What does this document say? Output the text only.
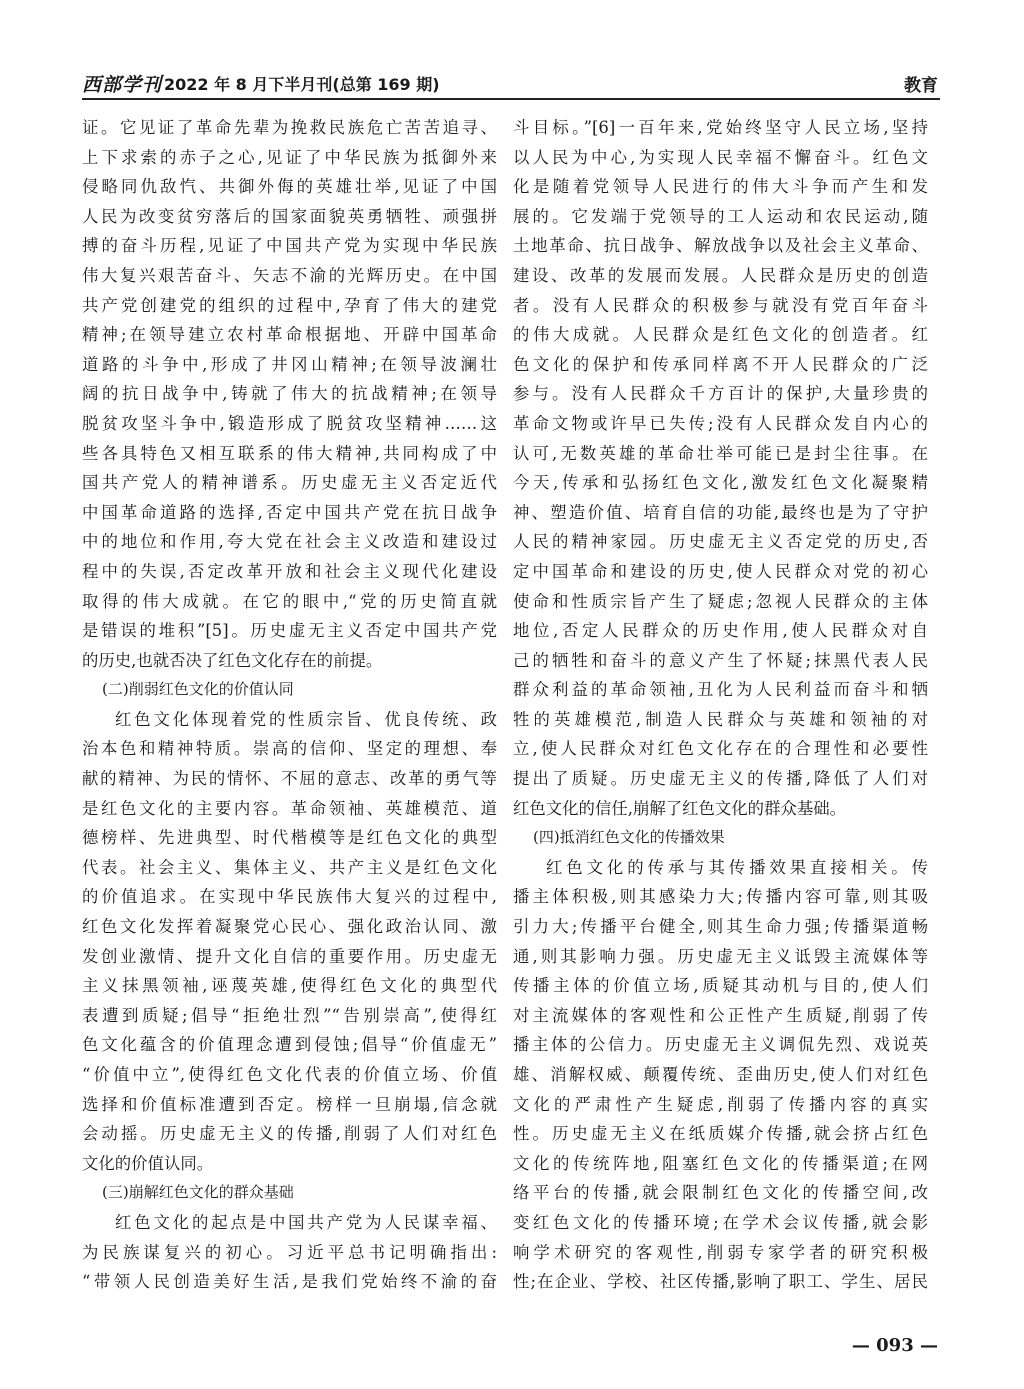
西部学刊 2022 年 8 月下半月刊(总第 169 期)	教育
证。它见证了革命先辈为挽救民族危亡苦苦追寻、
上下求索的赤子之心,见证了中华民族为抵御外来
侵略同仇敌忾、共御外侮的英雄壮举,见证了中国
人民为改变贫穷落后的国家面貌英勇牺牲、顽强拼
搏的奋斗历程,见证了中国共产党为实现中华民族
伟大复兴艰苦奋斗、矢志不渝的光辉历史。在中国
共产党创建党的组织的过程中,孕育了伟大的建党
精神;在领导建立农村革命根据地、开辟中国革命
道路的斗争中,形成了井冈山精神;在领导波澜壮
阔的抗日战争中,铸就了伟大的抗战精神;在领导
脱贫攻坚斗争中,锻造形成了脱贫攻坚精神……这
些各具特色又相互联系的伟大精神,共同构成了中
国共产党人的精神谱系。历史虚无主义否定近代
中国革命道路的选择,否定中国共产党在抗日战争
中的地位和作用,夸大党在社会主义改造和建设过
程中的失误,否定改革开放和社会主义现代化建设
取得的伟大成就。在它的眼中,“党的历史简直就
是错误的堆积”[5]。历史虚无主义否定中国共产党
的历史,也就否决了红色文化存在的前提。
(二)削弱红色文化的价值认同
红色文化体现着党的性质宗旨、优良传统、政
治本色和精神特质。崇高的信仰、坚定的理想、奉
献的精神、为民的情怀、不屈的意志、改革的勇气等
是红色文化的主要内容。革命领袖、英雄模范、道
德榜样、先进典型、时代楷模等是红色文化的典型
代表。社会主义、集体主义、共产主义是红色文化
的价值追求。在实现中华民族伟大复兴的过程中,
红色文化发挥着凝聚党心民心、强化政治认同、激
发创业激情、提升文化自信的重要作用。历史虚无
主义抹黑领袖,诬蔑英雄,使得红色文化的典型代
表遭到质疑;倡导“拒绝壮烈”“告别崇高”,使得红
色文化蕴含的价值理念遭到侵蚀;倡导“价值虚无”
“价值中立”,使得红色文化代表的价值立场、价值
选择和价值标准遭到否定。榜样一旦崩塌,信念就
会动摇。历史虚无主义的传播,削弱了人们对红色
文化的价值认同。
(三)崩解红色文化的群众基础
红色文化的起点是中国共产党为人民谋幸福、
为民族谋复兴的初心。习近平总书记明确指出:
“带领人民创造美好生活,是我们党始终不渝的奋
斗目标。”[6]一百年来,党始终坚守人民立场,坚持
以人民为中心,为实现人民幸福不懈奋斗。红色文
化是随着党领导人民进行的伟大斗争而产生和发
展的。它发端于党领导的工人运动和农民运动,随
土地革命、抗日战争、解放战争以及社会主义革命、
建设、改革的发展而发展。人民群众是历史的创造
者。没有人民群众的积极参与就没有党百年奋斗
的伟大成就。人民群众是红色文化的创造者。红
色文化的保护和传承同样离不开人民群众的广泛
参与。没有人民群众千方百计的保护,大量珍贵的
革命文物或许早已失传;没有人民群众发自内心的
认可,无数英雄的革命壮举可能已是封尘往事。在
今天,传承和弘扬红色文化,激发红色文化凝聚精
神、塑造价值、培育自信的功能,最终也是为了守护
人民的精神家园。历史虚无主义否定党的历史,否
定中国革命和建设的历史,使人民群众对党的初心
使命和性质宗旨产生了疑虑;忽视人民群众的主体
地位,否定人民群众的历史作用,使人民群众对自
己的牺牲和奋斗的意义产生了怀疑;抹黑代表人民
群众利益的革命领袖,丑化为人民利益而奋斗和牺
牲的英雄模范,制造人民群众与英雄和领袖的对
立,使人民群众对红色文化存在的合理性和必要性
提出了质疑。历史虚无主义的传播,降低了人们对
红色文化的信任,崩解了红色文化的群众基础。
(四)抵消红色文化的传播效果
红色文化的传承与其传播效果直接相关。传
播主体积极,则其感染力大;传播内容可靠,则其吸
引力大;传播平台健全,则其生命力强;传播渠道畅
通,则其影响力强。历史虚无主义诋毁主流媒体等
传播主体的价值立场,质疑其动机与目的,使人们
对主流媒体的客观性和公正性产生质疑,削弱了传
播主体的公信力。历史虚无主义调侃先烈、戏说英
雄、消解权威、颠覆传统、歪曲历史,使人们对红色
文化的严肃性产生疑虑,削弱了传播内容的真实
性。历史虚无主义在纸质媒介传播,就会挤占红色
文化的传统阵地,阻塞红色文化的传播渠道;在网
络平台的传播,就会限制红色文化的传播空间,改
变红色文化的传播环境;在学术会议传播,就会影
响学术研究的客观性,削弱专家学者的研究积极
性;在企业、学校、社区传播,影响了职工、学生、居民
— 093 —
